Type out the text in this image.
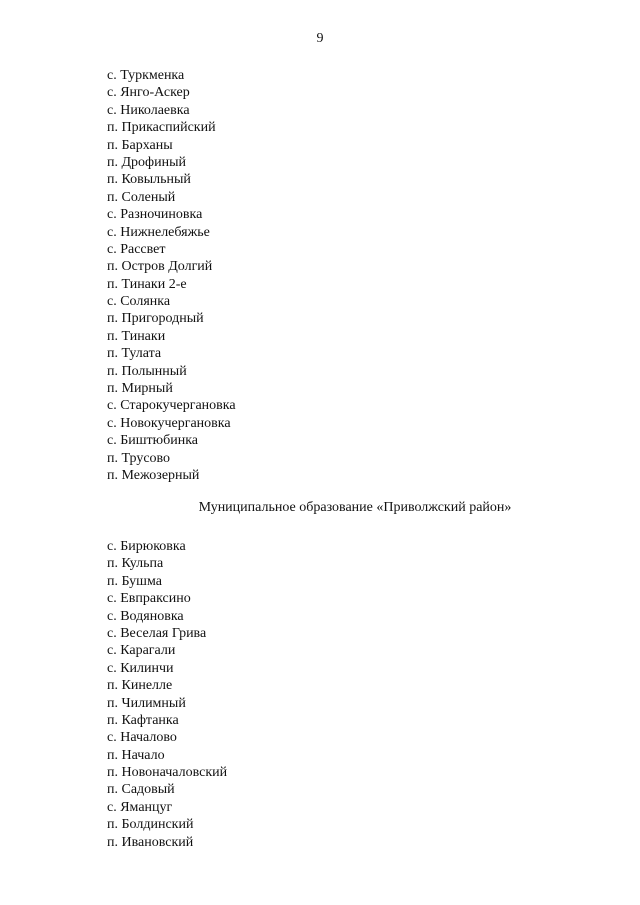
9
с. Туркменка
с. Янго-Аскер
с. Николаевка
п. Прикаспийский
п. Барханы
п. Дрофиный
п. Ковыльный
п. Соленый
с. Разночиновка
с. Нижнелебяжье
с. Рассвет
п. Остров Долгий
п. Тинаки 2-е
с. Солянка
п. Пригородный
п. Тинаки
п. Тулата
п. Полынный
п. Мирный
с. Старокучергановка
с. Новокучергановка
с. Биштюбинка
п. Трусово
п. Межозерный
Муниципальное образование «Приволжский район»
с. Бирюковка
п. Кульпа
п. Бушма
с. Евпраксино
с. Водяновка
с. Веселая Грива
с. Карагали
с. Килинчи
п. Кинелле
п. Чилимный
п. Кафтанка
с. Началово
п. Начало
п. Новоначаловский
п. Садовый
с. Яманцуг
п. Болдинский
п. Ивановский
